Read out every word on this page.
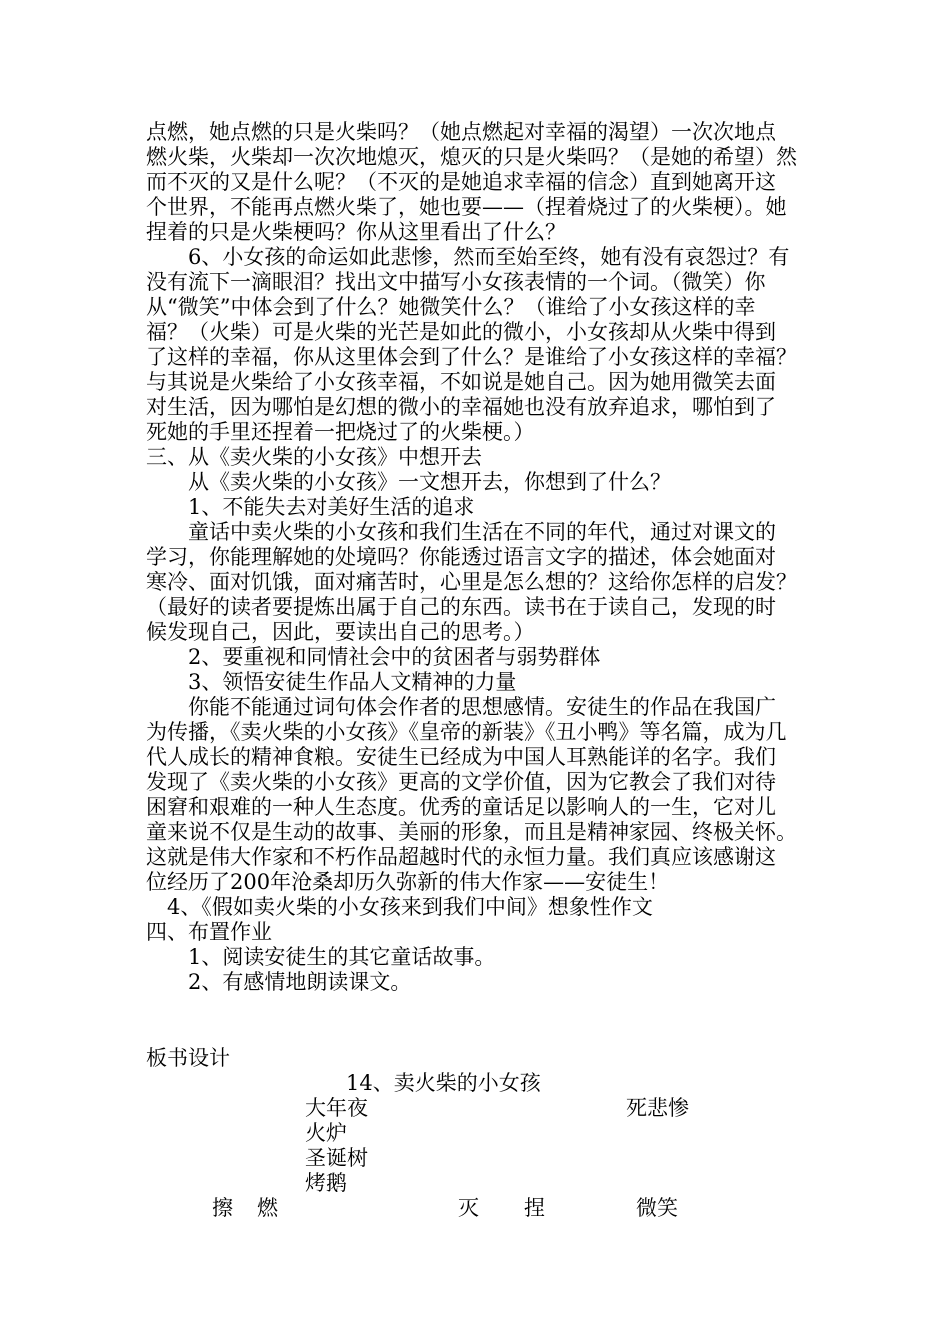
点燃，她点燃的只是火柴吗？（她点燃起对幸福的渴望）一次次地点
燃火柴，火柴却一次次地熄灭，熄灭的只是火柴吗？（是她的希望）然
而不灭的又是什么呢？（不灭的是她追求幸福的信念）直到她离开这
个世界，不能再点燃火柴了，她也要——（捏着烧过了的火柴梗）。她
捏着的只是火柴梗吗？你从这里看出了什么？
6、小女孩的命运如此悲惨，然而至始至终，她有没有哀怨过？有
没有流下一滴眼泪？找出文中描写小女孩表情的一个词。（微笑）你
从“微笑”中体会到了什么？她微笑什么？（谁给了小女孩这样的幸
福？（火柴）可是火柴的光芒是如此的微小，小女孩却从火柴中得到
了这样的幸福，你从这里体会到了什么？是谁给了小女孩这样的幸福？
与其说是火柴给了小女孩幸福，不如说是她自己。因为她用微笑去面
对生活，因为哪怕是幻想的微小的幸福她也没有放弃追求，哪怕到了
死她的手里还捏着一把烧过了的火柴梗。）
三、从《卖火柴的小女孩》中想开去
从《卖火柴的小女孩》一文想开去，你想到了什么？
1、不能失去对美好生活的追求
童话中卖火柴的小女孩和我们生活在不同的年代，通过对课文的
学习，你能理解她的处境吗？你能透过语言文字的描述，体会她面对
寒冷、面对饥饿，面对痛苦时，心里是怎么想的？这给你怎样的启发？
（最好的读者要提炼出属于自己的东西。读书在于读自己，发现的时
候发现自己，因此，要读出自己的思考。）
2、要重视和同情社会中的贫困者与弱势群体
3、领悟安徒生作品人文精神的力量
你能不能通过词句体会作者的思想感情。安徒生的作品在我国广
为传播，《卖火柴的小女孩》《皇帝的新装》《丑小鸭》等名篇，成为几
代人成长的精神食粮。安徒生已经成为中国人耳熟能详的名字。我们
发现了《卖火柴的小女孩》更高的文学价值，因为它教会了我们对待
困窘和艰难的一种人生态度。优秀的童话足以影响人的一生，它对儿
童来说不仅是生动的故事、美丽的形象，而且是精神家园、终极关怀。
这就是伟大作家和不朽作品超越时代的永恒力量。我们真应该感谢这
位经历了200年沧桑却历久弥新的伟大作家——安徒生！
4、《假如卖火柴的小女孩来到我们中间》想象性作文
四、布置作业
1、阅读安徒生的其它童话故事。
2、有感情地朗读课文。
板书设计
14、卖火柴的小女孩
大年夜	死悲惨
火炉
圣诞树
烤鹅
擦 燃	灭 捏	微笑
